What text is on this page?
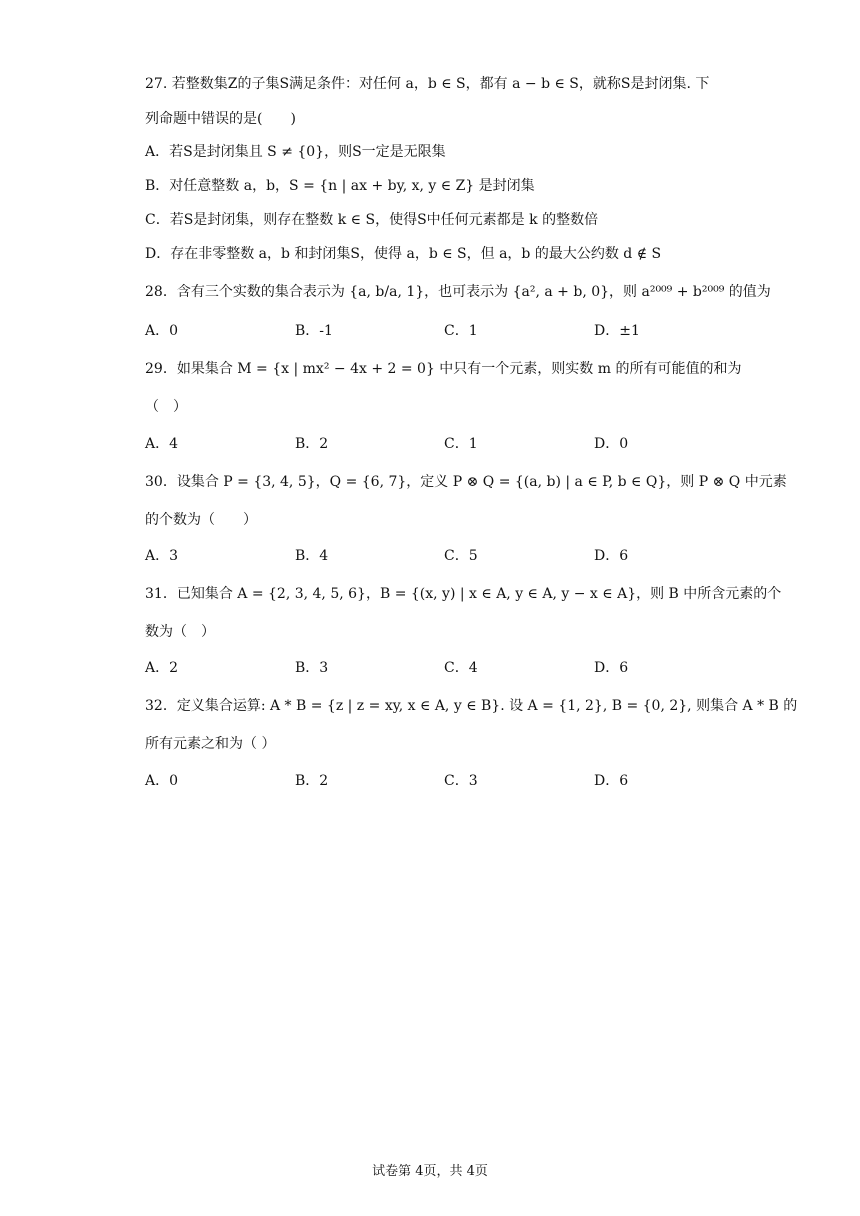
27. 若整数集Z的子集S满足条件：对任何 a，b ∈ S，都有 a − b ∈ S，就称S是封闭集. 下
列命题中错误的是(　　)
A．若S是封闭集且 S ≠ {0}，则S一定是无限集
B．对任意整数 a，b，S = {n | ax + by, x, y ∈ Z} 是封闭集
C．若S是封闭集，则存在整数 k ∈ S，使得S中任何元素都是 k 的整数倍
D．存在非零整数 a，b 和封闭集S，使得 a，b ∈ S，但 a，b 的最大公约数 d ∉ S
28．含有三个实数的集合表示为 {a, b/a, 1}，也可表示为 {a², a + b, 0}，则 a²⁰⁰⁹ + b²⁰⁰⁹ 的值为
A．0	B．-1	C．1	D．±1
29．如果集合 M = {x | mx² − 4x + 2 = 0} 中只有一个元素，则实数 m 的所有可能值的和为
（　）
A．4	B．2	C．1	D．0
30．设集合 P = {3, 4, 5}，Q = {6, 7}，定义 P ⊗ Q = {(a, b) | a ∈ P, b ∈ Q}，则 P ⊗ Q 中元素
的个数为（　　）
A．3	B．4	C．5	D．6
31．已知集合 A = {2, 3, 4, 5, 6}，B = {(x, y) | x ∈ A, y ∈ A, y − x ∈ A}，则 B 中所含元素的个
数为（　）
A．2	B．3	C．4	D．6
32．定义集合运算: A * B = {z | z = xy, x ∈ A, y ∈ B}. 设 A = {1, 2}, B = {0, 2}, 则集合 A * B 的
所有元素之和为（ ）
A．0	B．2	C．3	D．6
试卷第 4页，共 4页
